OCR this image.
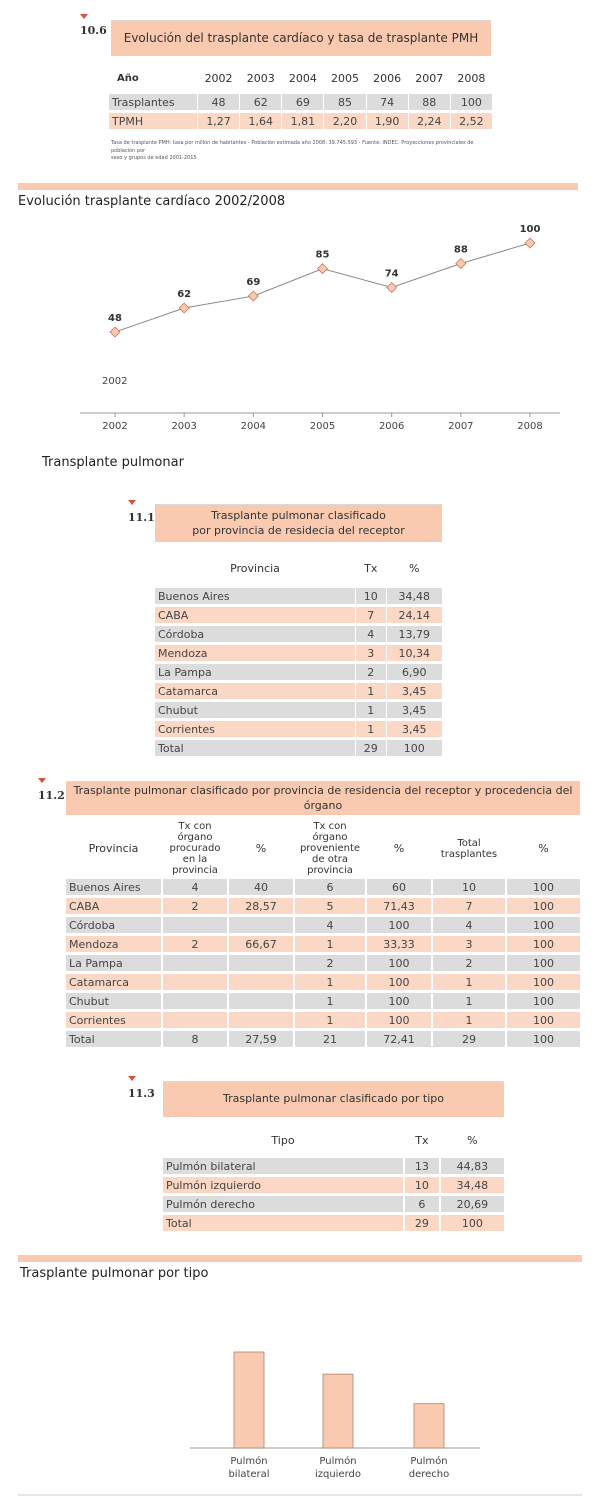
10.6
Evolución del trasplante cardíaco y tasa de trasplante PMH
Año	2002	2003	2004	2005	2006	2007	2008
Trasplantes	48	62	69	85	74	88	100
TPMH	1,27	1,64	1,81	2,20	1,90	2,24	2,52
Tasa de trasplante PMH: tasa por millón de habitantes - Población estimada año 2008: 39.745.593 - Fuente: INDEC. Proyecciones provinciales de población por
sexo y grupos de edad 2001-2015
Evolución trasplante cardíaco 2002/2008
2002
48
2002
62
2003
69
2004
85
2005
74
2006
88
2007
100
2008
Transplante pulmonar
11.1	Trasplante pulmonar clasificado
por provincia de residecia del receptor
Provincia	Tx	%
Buenos Aires	10	34,48
CABA	7	24,14
Córdoba	4	13,79
Mendoza	3	10,34
La Pampa	2	6,90
Catamarca	1	3,45
Chubut	1	3,45
Corrientes	1	3,45
Total	29	100
11.2 Trasplante pulmonar clasificado por provincia de residencia del receptor y procedencia del órgano
Provincia	Tx con órgano procurado en la provincia	%	Tx con órgano proveniente de otra provincia	%	Total trasplantes	%
Buenos Aires	4	40	6	60	10	100
CABA	2	28,57	5	71,43	7	100
Córdoba			4	100	4	100
Mendoza	2	66,67	1	33,33	3	100
La Pampa			2	100	2	100
Catamarca			1	100	1	100
Chubut			1	100	1	100
Corrientes			1	100	1	100
Total	8	27,59	21	72,41	29	100
11.3	Trasplante pulmonar clasificado por tipo
Tipo	Tx	%
Pulmón bilateral	13	44,83
Pulmón izquierdo	10	34,48
Pulmón derecho	6	20,69
Total	29	100
Trasplante pulmonar por tipo
Pulmón
bilateral
Pulmón
izquierdo
Pulmón
derecho
